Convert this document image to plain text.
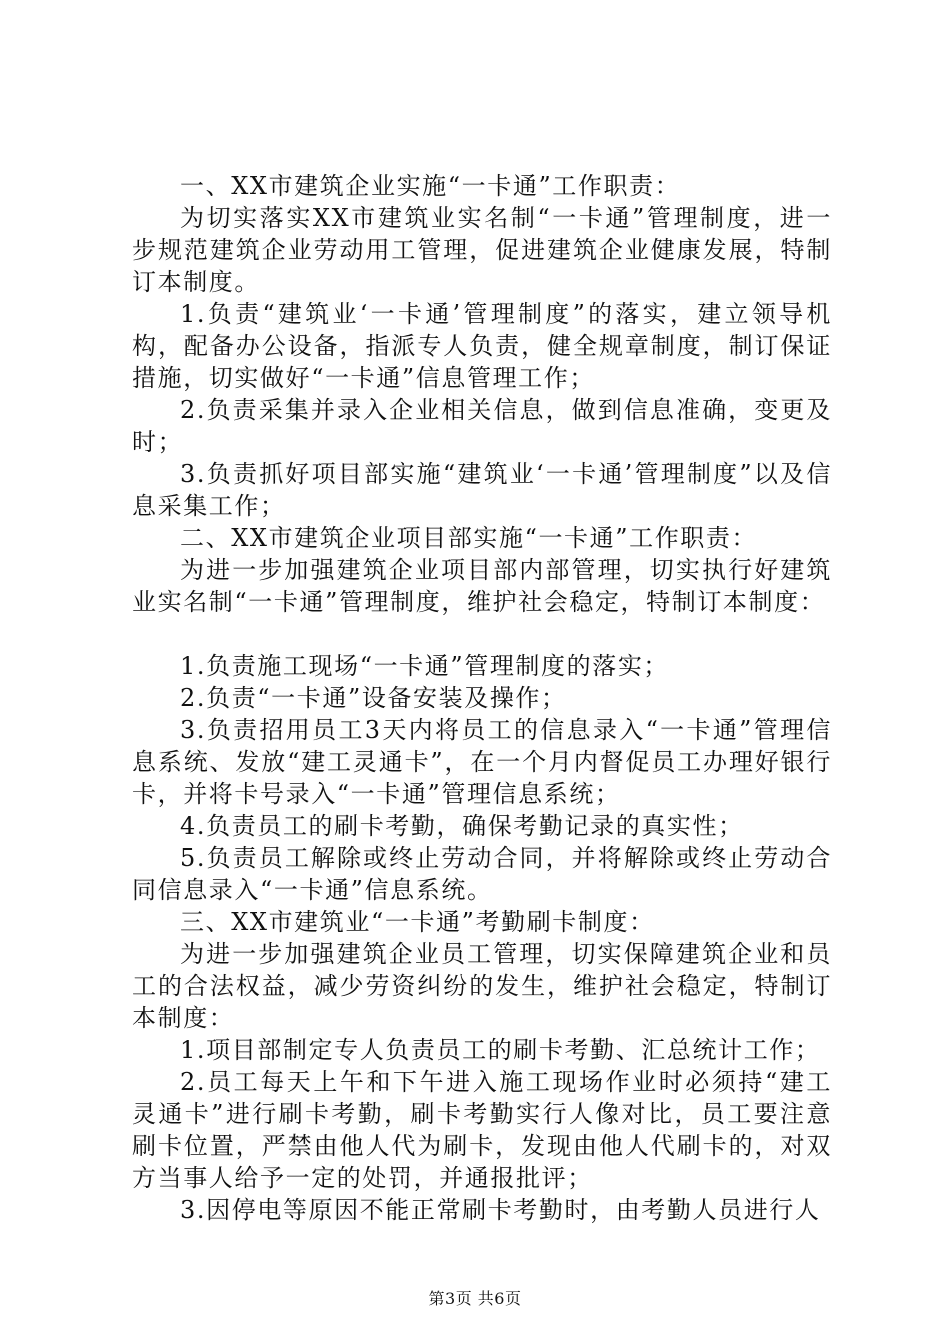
一、XX市建筑企业实施“一卡通”工作职责：

为切实落实XX市建筑业实名制“一卡通”管理制度，进一步规范建筑企业劳动用工管理，促进建筑企业健康发展，特制订本制度。

1.负责“建筑业‘一卡通’管理制度”的落实，建立领导机构，配备办公设备，指派专人负责，健全规章制度，制订保证措施，切实做好“一卡通”信息管理工作；

2.负责采集并录入企业相关信息，做到信息准确，变更及时；

3.负责抓好项目部实施“建筑业‘一卡通’管理制度”以及信息采集工作；

二、XX市建筑企业项目部实施“一卡通”工作职责：

为进一步加强建筑企业项目部内部管理，切实执行好建筑业实名制“一卡通”管理制度，维护社会稳定，特制订本制度：

1.负责施工现场“一卡通”管理制度的落实；

2.负责“一卡通”设备安装及操作；

3.负责招用员工3天内将员工的信息录入“一卡通”管理信息系统、发放“建工灵通卡”，在一个月内督促员工办理好银行卡，并将卡号录入“一卡通”管理信息系统；

4.负责员工的刷卡考勤，确保考勤记录的真实性；

5.负责员工解除或终止劳动合同，并将解除或终止劳动合同信息录入“一卡通”信息系统。

三、XX市建筑业“一卡通”考勤刷卡制度：

为进一步加强建筑企业员工管理，切实保障建筑企业和员工的合法权益，减少劳资纠纷的发生，维护社会稳定，特制订本制度：

1.项目部制定专人负责员工的刷卡考勤、汇总统计工作；

2.员工每天上午和下午进入施工现场作业时必须持“建工灵通卡”进行刷卡考勤，刷卡考勤实行人像对比，员工要注意刷卡位置，严禁由他人代为刷卡，发现由他人代刷卡的，对双方当事人给予一定的处罚，并通报批评；

3.因停电等原因不能正常刷卡考勤时，由考勤人员进行人

第3页 共6页
